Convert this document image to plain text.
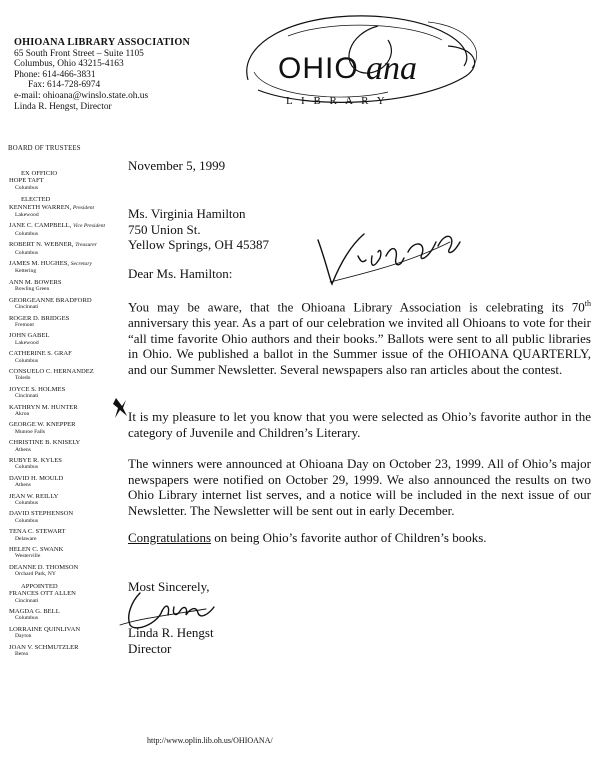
OHIOANA LIBRARY ASSOCIATION
65 South Front Street – Suite 1105
Columbus, Ohio 43215-4163
Phone: 614-466-3831
Fax: 614-728-6974
e-mail: ohioana@winslo.state.oh.us
Linda R. Hengst, Director
OHIO ana
L I B R A R Y
BOARD OF TRUSTEES
EX OFFICIO
HOPE TAFT
Columbus
ELECTED
KENNETH WARREN, President
Lakewood
JANE C. CAMPBELL, Vice President
Columbus
ROBERT N. WEBNER, Treasurer
Columbus
JAMES M. HUGHES, Secretary
Kettering
ANN M. BOWERS
Bowling Green
GEORGEANNE BRADFORD
Cincinnati
ROGER D. BRIDGES
Fremont
JOHN GABEL
Lakewood
CATHERINE S. GRAF
Columbus
CONSUELO C. HERNANDEZ
Toledo
JOYCE S. HOLMES
Cincinnati
KATHRYN M. HUNTER
Akron
GEORGE W. KNEPPER
Munroe Falls
CHRISTINE B. KNISELY
Athens
RUBYE R. KYLES
Columbus
DAVID H. MOULD
Athens
JEAN W. REILLY
Columbus
DAVID STEPHENSON
Columbus
TENA C. STEWART
Delaware
HELEN C. SWANK
Westerville
DEANNE D. THOMSON
Orchard Park, NY
APPOINTED
FRANCES OTT ALLEN
Cincinnati
MAGDA G. BELL
Columbus
LORRAINE QUINLIVAN
Dayton
JOAN V. SCHMUTZLER
Berea
November 5, 1999
Ms. Virginia Hamilton
750 Union St.
Yellow Springs, OH 45387
Dear Ms. Hamilton:
You may be aware, that the Ohioana Library Association is celebrating its 70th anniversary this year. As a part of our celebration we invited all Ohioans to vote for their “all time favorite Ohio authors and their books.” Ballots were sent to all public libraries in Ohio. We published a ballot in the Summer issue of the OHIOANA QUARTERLY, and our Summer Newsletter. Several newspapers also ran articles about the contest.
It is my pleasure to let you know that you were selected as Ohio’s favorite author in the category of Juvenile and Children’s Literary.
The winners were announced at Ohioana Day on October 23, 1999. All of Ohio’s major newspapers were notified on October 29, 1999. We also announced the results on two Ohio Library internet list serves, and a notice will be included in the next issue of our Newsletter. The Newsletter will be sent out in early December.
Congratulations on being Ohio’s favorite author of Children’s books.
Most Sincerely,
Linda R. Hengst
Director
http://www.oplin.lib.oh.us/OHIOANA/
